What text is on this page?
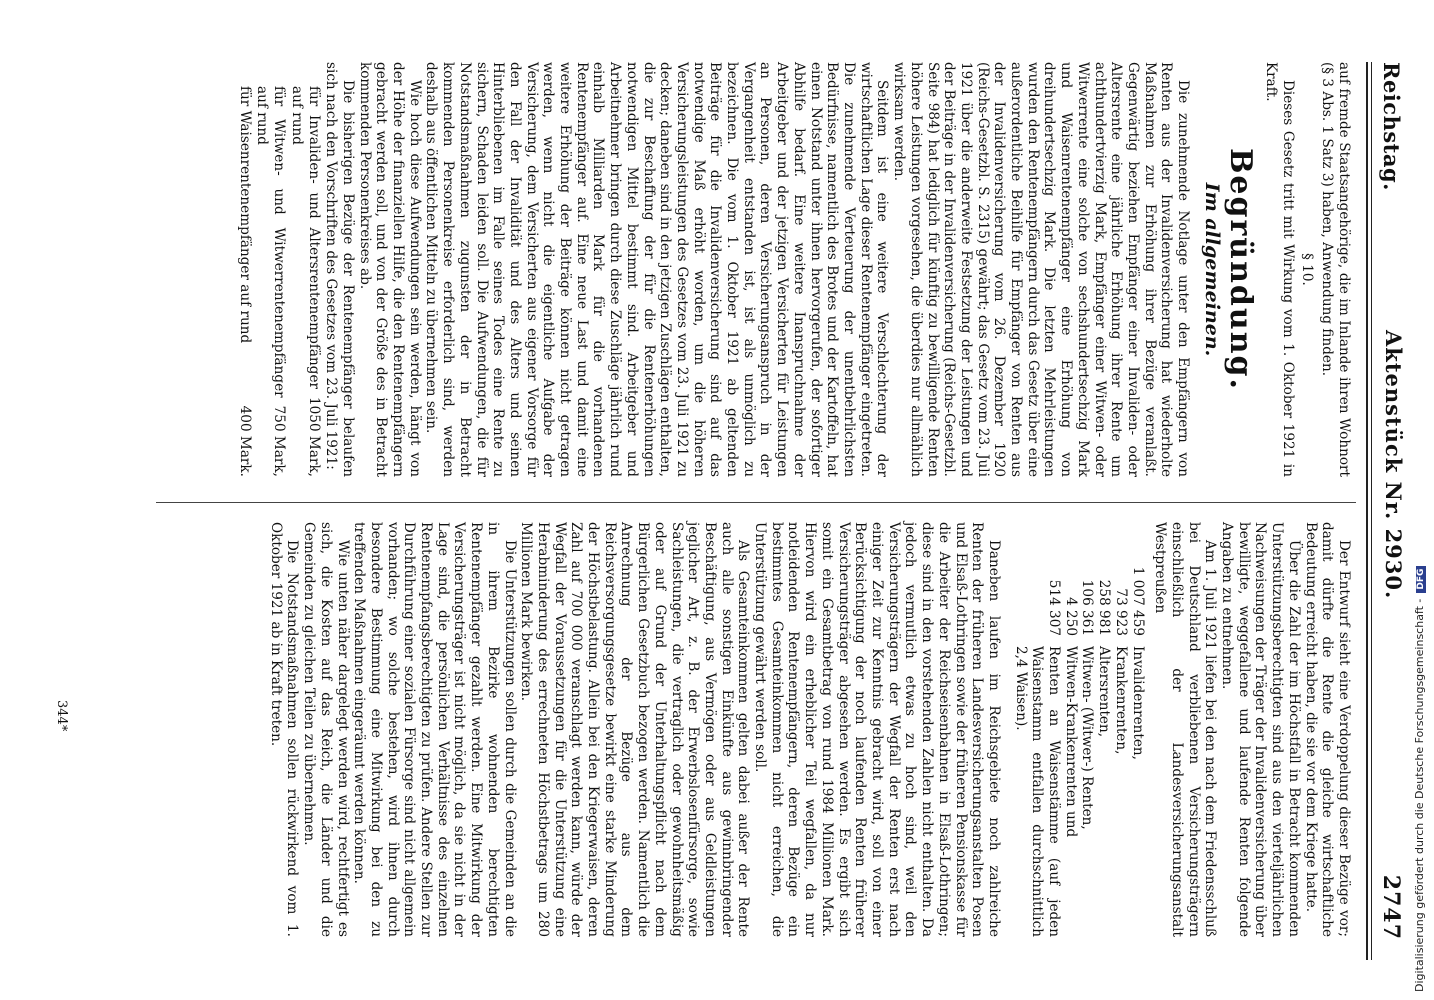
Reichstag.
Aktenstück Nr. 2930.
2747

auf fremde Staatsangehörige, die im Inlande ihren Wohnort (§ 3 Abs. 1 Satz 3) haben, Anwendung finden.

§ 10.

Dieses Gesetz tritt mit Wirkung vom 1. Oktober 1921 in Kraft.

Begründung.
Im allgemeinen.

Die zunehmende Notlage unter den Empfängern von Renten aus der Invalidenversicherung hat wiederholte Maßnahmen zur Erhöhung ihrer Bezüge veranlaßt. Gegenwärtig beziehen Empfänger einer Invaliden- oder Altersrente eine jährliche Erhöhung ihrer Rente um achthundertvierzig Mark, Empfänger einer Witwen- oder Witwerrente eine solche von sechshundertsechzig Mark und Waisenrentenempfänger eine Erhöhung von dreihundertsechzig Mark. Die letzten Mehrleistungen wurden den Rentenempfängern durch das Gesetz über eine außerordentliche Beihilfe für Empfänger von Renten aus der Invalidenversicherung vom 26. Dezember 1920 (Reichs-Gesetzbl. S. 2315) gewährt; das Gesetz vom 23. Juli 1921 über die anderweite Festsetzung der Leistungen und der Beiträge in der Invalidenversicherung (Reichs-Gesetzbl. Seite 984) hat lediglich für künftig zu bewilligende Renten höhere Leistungen vorgesehen, die überdies nur allmählich wirksam werden.

Seitdem ist eine weitere Verschlechterung der wirtschaftlichen Lage dieser Rentenempfänger eingetreten. Die zunehmende Verteuerung der unentbehrlichsten Bedürfnisse, namentlich des Brotes und der Kartoffeln, hat einen Notstand unter ihnen hervorgerufen, der sofortiger Abhilfe bedarf. Eine weitere Inanspruchnahme der Arbeitgeber und der jetzigen Versicherten für Leistungen an Personen, deren Versicherungsanspruch in der Vergangenheit entstanden ist, ist als unmöglich zu bezeichnen. Die vom 1. Oktober 1921 ab geltenden Beiträge für die Invalidenversicherung sind auf das notwendige Maß erhöht worden, um die höheren Versicherungsleistungen des Gesetzes vom 23. Juli 1921 zu decken; daneben sind in den jetzigen Zuschlägen enthalten, die zur Beschaffung der für die Rentenerhöhungen notwendigen Mittel bestimmt sind. Arbeitgeber und Arbeitnehmer bringen durch diese Zuschläge jährlich rund einhalb Milliarden Mark für die vorhandenen Rentenempfänger auf. Eine neue Last und damit eine weitere Erhöhung der Beiträge können nicht getragen werden, wenn nicht die eigentliche Aufgabe der Versicherung, dem Versicherten aus eigener Vorsorge für den Fall der Invalidität und des Alters und seinen Hinterbliebenen im Falle seines Todes eine Rente zu sichern, Schaden leiden soll. Die Aufwendungen, die für Notstandsmaßnahmen zugunsten der in Betracht kommenden Personenkreise erforderlich sind, werden deshalb aus öffentlichen Mitteln zu übernehmen sein.

Wie hoch diese Aufwendungen sein werden, hängt von der Höhe der finanziellen Hilfe, die den Rentenempfängern gebracht werden soll, und von der Größe des in Betracht kommenden Personenkreises ab.

Die bisherigen Bezüge der Rentenempfänger belaufen sich nach den Vorschriften des Gesetzes vom 23. Juli 1921:

für Invaliden- und Altersrentenempfänger auf rund
1050 Mark,
für Witwen- und Witwerrentenempfänger auf rund
750 Mark,
für Waisenrentenempfänger auf rund
400 Mark.

Der Entwurf sieht eine Verdoppelung dieser Bezüge vor; damit dürfte die Rente die gleiche wirtschaftliche Bedeutung erreicht haben, die sie vor dem Kriege hatte.

Über die Zahl der im Höchstfall in Betracht kommenden Unterstützungsberechtigten sind aus den vierteljährlichen Nachweisungen der Träger der Invalidenversicherung über bewilligte, weggefallene und laufende Renten folgende Angaben zu entnehmen.

Am 1. Juli 1921 liefen bei den nach dem Friedensschluß bei Deutschland verbliebenen Versicherungsträgern einschließlich der Landesversicherungsanstalt Westpreußen

1 007 459
Invalidenrenten,
73 923
Krankenrenten,
258 981
Altersrenten,
106 361
Witwen- (Witwer-) Renten,
4 250
Witwen-Krankenrenten und
514 307
Renten an Waisenstämme (auf jeden Waisenstamm entfallen durchschnittlich 2,4 Waisen).

Daneben laufen im Reichsgebiete noch zahlreiche Renten der früheren Landesversicherungsanstalten Posen und Elsaß-Lothringen sowie der früheren Pensionskasse für die Arbeiter der Reichseisenbahnen in Elsaß-Lothringen; diese sind in den vorstehenden Zahlen nicht enthalten. Da jedoch vermutlich etwas zu hoch sind, weil den Versicherungsträgern der Wegfall der Renten erst nach einiger Zeit zur Kenntnis gebracht wird, soll von einer Berücksichtigung der noch laufenden Renten früherer Versicherungsträger abgesehen werden. Es ergibt sich somit ein Gesamtbetrag von rund 1984 Millionen Mark. Hiervon wird ein erheblicher Teil wegfallen, da nur notleidenden Rentenempfängern, deren Bezüge ein bestimmtes Gesamteinkommen nicht erreichen, die Unterstützung gewährt werden soll.

Als Gesamteinkommen gelten dabei außer der Rente auch alle sonstigen Einkünfte aus gewinnbringender Beschäftigung, aus Vermögen oder aus Geldleistungen jeglicher Art, z. B. der Erwerbslosenfürsorge, sowie Sachleistungen, die vertraglich oder gewohnheitsmäßig oder auf Grund der Unterhaltungspflicht nach dem Bürgerlichen Gesetzbuch bezogen werden. Namentlich die Anrechnung der Bezüge aus dem Reichsversorgungsgesetze bewirkt eine starke Minderung der Höchstbelastung. Allein bei den Kriegerwaisen, deren Zahl auf 700 000 veranschlagt werden kann, würde der Wegfall der Voraussetzungen für die Unterstützung eine Herabminderung des errechneten Höchstbetrags um 280 Millionen Mark bewirken.

Die Unterstützungen sollen durch die Gemeinden an die in ihrem Bezirke wohnenden berechtigten Rentenempfänger gezahlt werden. Eine Mitwirkung der Versicherungsträger ist nicht möglich, da sie nicht in der Lage sind, die persönlichen Verhältnisse des einzelnen Rentenempfangsberechtigten zu prüfen. Andere Stellen zur Durchführung einer sozialen Fürsorge sind nicht allgemein vorhanden; wo solche bestehen, wird ihnen durch besondere Bestimmung eine Mitwirkung bei den zu treffenden Maßnahmen eingeräumt werden können.

Wie unten näher dargelegt werden wird, rechtfertigt es sich, die Kosten auf das Reich, die Länder und die Gemeinden zu gleichen Teilen zu übernehmen.

Die Notstandsmaßnahmen sollen rückwirkend vom 1. Oktober 1921 ab in Kraft treten.

344*	Digitalisierung gefördert durch die Deutsche Forschungsgemeinschaft -DFG
